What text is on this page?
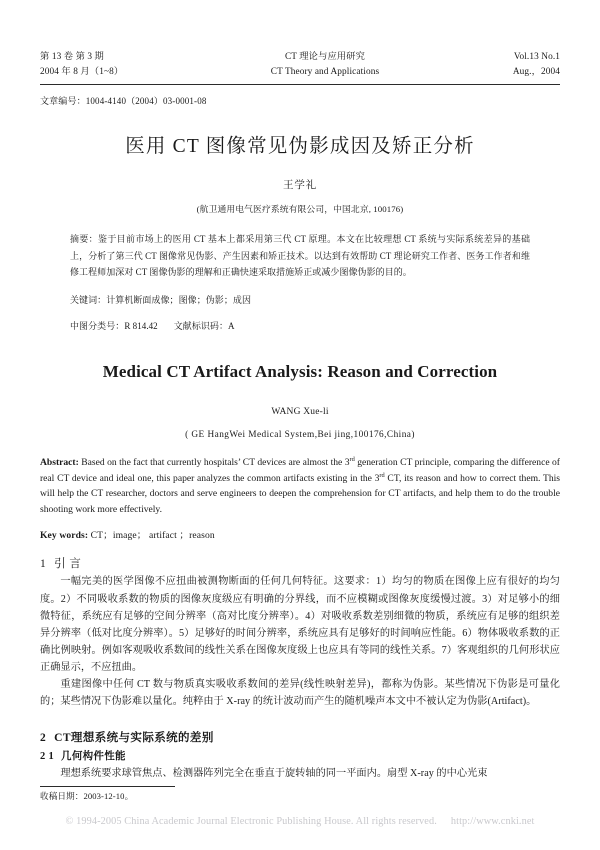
第 13 卷 第 3 期
2004 年 8 月（1~8）
CT 理论与应用研究
CT Theory and Applications
Vol.13 No.1
Aug.，2004
文章编号：1004-4140（2004）03-0001-08
医用 CT 图像常见伪影成因及矫正分析
王学礼
(航卫通用电气医疗系统有限公司，中国北京, 100176)

摘要：鉴于目前市场上的医用 CT 基本上都采用第三代 CT 原理。本文在比较理想 CT 系统与实际系统差异的基础上，分析了第三代 CT 图像常见伪影、产生因素和矫正技术。以达到有效帮助 CT 理论研究工作者、医务工作者和维修工程师加深对 CT 图像伪影的理解和正确快速采取措施矫正或减少图像伪影的目的。

关键词：计算机断面成像；图像；伪影；成因
中图分类号：R 814.42 文献标识码：A
Medical CT Artifact Analysis: Reason and Correction
WANG Xue-li
( GE HangWei Medical System,Bei jing,100176,China)
Abstract: Based on the fact that currently hospitals’ CT devices are almost the 3rd generation CT principle, comparing the difference of real CT device and ideal one, this paper analyzes the common artifacts existing in the 3rd CT, its reason and how to correct them. This will help the CT researcher, doctors and serve engineers to deepen the comprehension for CT artifacts, and help them to do the trouble shooting work more effectively.
Key words: CT；image； artifact ；reason
1 引 言

一幅完美的医学图像不应扭曲被测物断面的任何几何特征。这要求：1）均匀的物质在图像上应有很好的均匀度。2）不同吸收系数的物质的图像灰度级应有明确的分界线，而不应模糊或图像灰度缓慢过渡。3）对足够小的细微特征，系统应有足够的空间分辨率（高对比度分辨率）。4）对吸收系数差别细微的物质，系统应有足够的组织差异分辨率（低对比度分辨率）。5）足够好的时间分辨率，系统应具有足够好的时间响应性能。6）物体吸收系数的正确比例映射。例如客观吸收系数间的线性关系在图像灰度级上也应具有等同的线性关系。7）客观组织的几何形状应正确显示，不应扭曲。

重建图像中任何 CT 数与物质真实吸收系数间的差异(线性映射差异)，都称为伪影。某些情况下伪影是可量化的；某些情况下伪影难以量化。纯粹由于 X-ray 的统计波动而产生的随机噪声本文中不被认定为伪影(Artifact)。

2 CT理想系统与实际系统的差别
2 1 几何构件性能

理想系统要求球管焦点、检测器阵列完全在垂直于旋转轴的同一平面内。扇型 X-ray 的中心光束

收稿日期：2003-12-10。
© 1994-2005 China Academic Journal Electronic Publishing House. All rights reserved. http://www.cnki.net
